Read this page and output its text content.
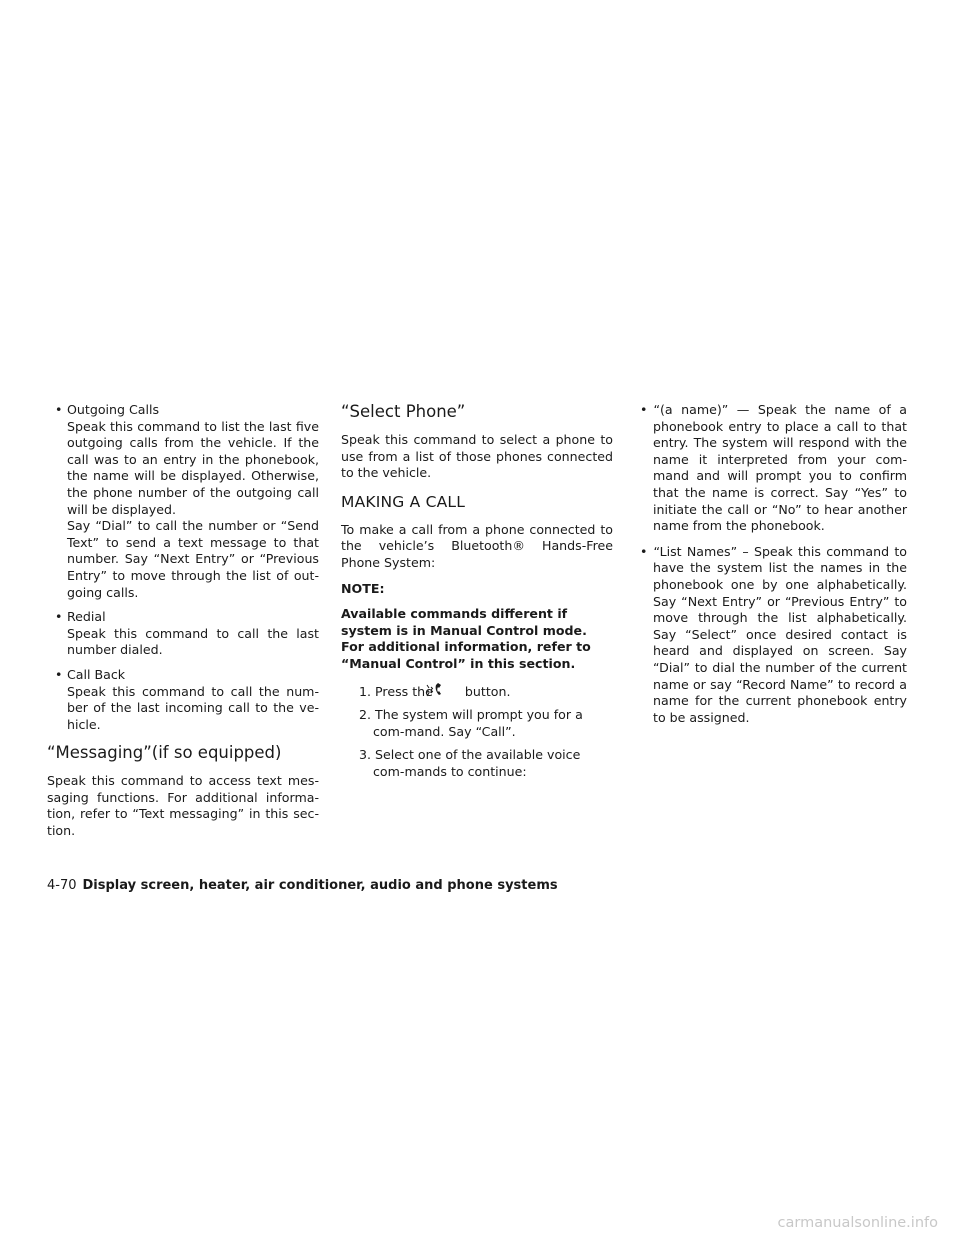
• Outgoing Calls
Speak this command to list the last five outgoing calls from the vehicle. If the call was to an entry in the phonebook, the name will be displayed. Otherwise, the phone number of the outgoing call will be displayed.
Say “Dial” to call the number or “Send Text” to send a text message to that number. Say “Next Entry” or “Previous Entry” to move through the list of out-going calls.
• Redial
Speak this command to call the last number dialed.
• Call Back
Speak this command to call the num-ber of the last incoming call to the ve-hicle.
“Messaging”(if so equipped)

Speak this command to access text mes-saging functions. For additional informa-tion, refer to “Text messaging” in this sec-tion.

“Select Phone”

Speak this command to select a phone to use from a list of those phones connected to the vehicle.

MAKING A CALL

To make a call from a phone connected to the vehicle’s Bluetooth® Hands-Free Phone System:

NOTE:

Available commands different if system is in Manual Control mode. For additional information, refer to “Manual Control” in this section.

1. Press the	button.
2. The system will prompt you for a com-mand. Say “Call”.
3. Select one of the available voice com-mands to continue:
• “(a name)” — Speak the name of a phonebook entry to place a call to that entry. The system will respond with the name it interpreted from your com-mand and will prompt you to confirm that the name is correct. Say “Yes” to initiate the call or “No” to hear another name from the phonebook.
• “List Names” – Speak this command to have the system list the names in the phonebook one by one alphabetically. Say “Next Entry” or “Previous Entry” to move through the list alphabetically. Say “Select” once desired contact is heard and displayed on screen. Say “Dial” to dial the number of the current name or say “Record Name” to record a name for the current phonebook entry to be assigned.
4-70 Display screen, heater, air conditioner, audio and phone systems
carmanualsonline.info
